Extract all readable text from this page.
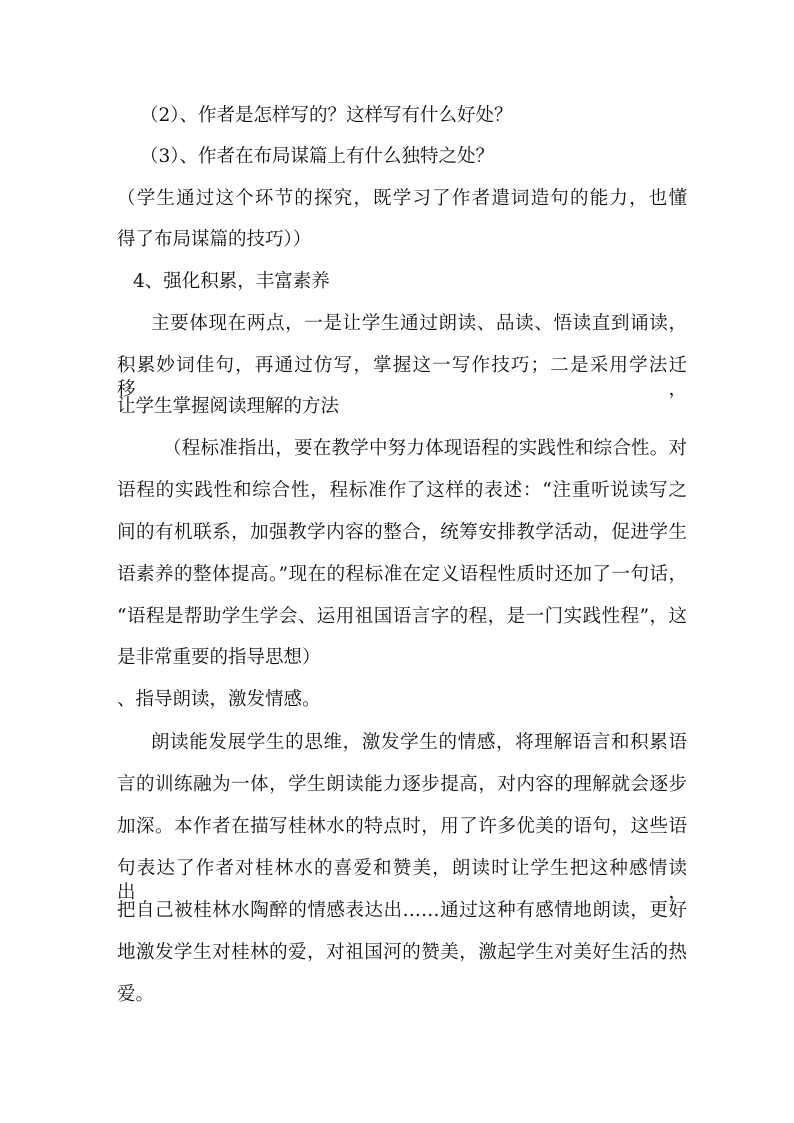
（2）、作者是怎样写的？这样写有什么好处？
（3）、作者在布局谋篇上有什么独特之处？
（学生通过这个环节的探究，既学习了作者遣词造句的能力，也懂
得了布局谋篇的技巧））
4、强化积累，丰富素养
主要体现在两点，一是让学生通过朗读、品读、悟读直到诵读，
积累妙词佳句，再通过仿写，掌握这一写作技巧；二是采用学法迁移，
让学生掌握阅读理解的方法
（程标准指出，要在教学中努力体现语程的实践性和综合性。对
语程的实践性和综合性，程标准作了这样的表述：“注重听说读写之
间的有机联系，加强教学内容的整合，统筹安排教学活动，促进学生
语素养的整体提高。”现在的程标准在定义语程性质时还加了一句话，
“语程是帮助学生学会、运用祖国语言字的程，是一门实践性程”，这
是非常重要的指导思想）
、指导朗读，激发情感。
朗读能发展学生的思维，激发学生的情感，将理解语言和积累语
言的训练融为一体，学生朗读能力逐步提高，对内容的理解就会逐步
加深。本作者在描写桂林水的特点时，用了许多优美的语句，这些语
句表达了作者对桂林水的喜爱和赞美，朗读时让学生把这种感情读出，
把自己被桂林水陶醉的情感表达出……通过这种有感情地朗读，更好
地激发学生对桂林的爱，对祖国河的赞美，激起学生对美好生活的热
爱。
